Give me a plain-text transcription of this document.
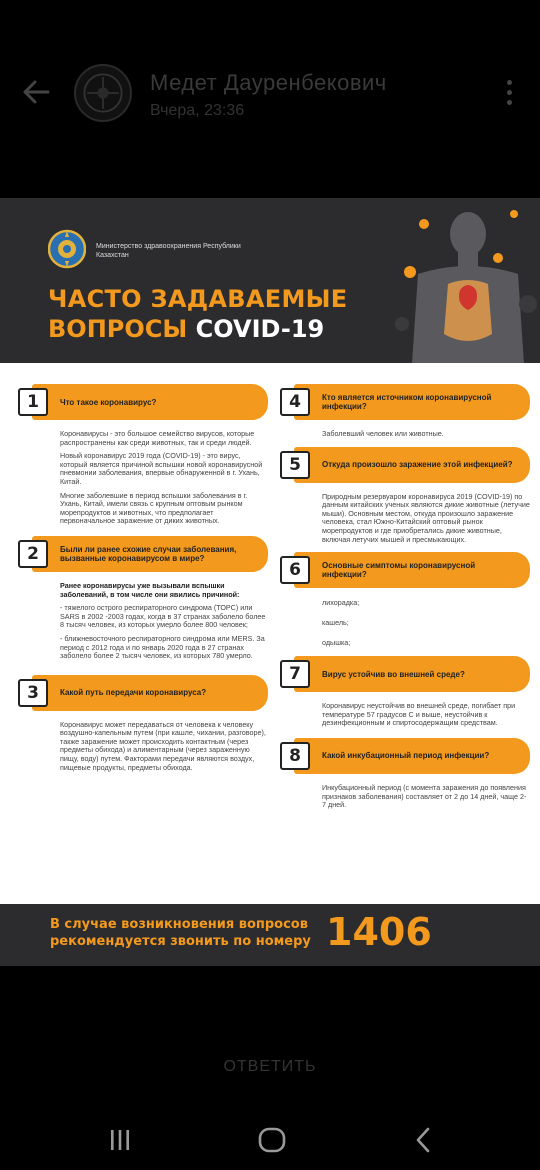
Медет Дауренбекович
Вчера, 23:36
Министерство здравоохранения Республики Казахстан
ЧАСТО ЗАДАВАЕМЫЕ
ВОПРОСЫ COVID-19
1	Что такое коронавирус?

Коронавирусы - это большое семейство вирусов, которые распространены как среди животных, так и среди людей.

Новый коронавирус 2019 года (COVID-19) - это вирус, который является причиной вспышки новой коронавирусной пневмонии заболевания, впервые обнаруженной в г. Ухань, Китай.

Многие заболевшие в период вспышки заболевания в г. Ухань, Китай, имели связь с крупным оптовым рынком морепродуктов и животных, что предполагает первоначальное заражение от диких животных.

2	Были ли ранее схожие случаи заболевания, вызванные коронавирусом в мире?

Ранее коронавирусы уже вызывали вспышки заболеваний, в том числе они явились причиной:

- тяжелого острого респираторного синдрома (ТОРС) или SARS в 2002 -2003 годах, когда в 37 странах заболело более 8 тысяч человек, из которых умерло более 800 человек;

- ближневосточного респираторного синдрома или MERS. За период с 2012 года и по январь 2020 года в 27 странах заболело более 2 тысяч человек, из которых 780 умерло.

3	Какой путь передачи коронавируса?

Коронавирус может передаваться от человека к человеку воздушно-капельным путем (при кашле, чихании, разговоре), также заражение может происходить контактным (через предметы обихода) и алиментарным (через зараженную пищу, воду) путем. Факторами передачи являются воздух, пищевые продукты, предметы обихода.

4	Кто является источником коронавирусной инфекции?

Заболевший человек или животные.

5	Откуда произошло заражение этой инфекцией?

Природным резервуаром коронавируса 2019 (COVID-19) по данным китайских ученых являются дикие животные (летучие мыши). Основным местом, откуда произошло заражение человека, стал Южно-Китайский оптовый рынок морепродуктов и где приобретались дикие животные, включая летучих мышей и пресмыкающих.

6	Основные симптомы коронавирусной инфекции?

лихорадка;

кашель;

одышка;

7	Вирус устойчив во внешней среде?

Коронавирус неустойчив во внешней среде, погибает при температуре 57 градусов С и выше, неустойчив к дезинфекционным и спиртосодержащим средствам.

8	Какой инкубационный период инфекции?

Инкубационный период (с момента заражения до появления признаков заболевания) составляет от 2 до 14 дней, чаще 2-7 дней.

В случае возникновения вопросов
рекомендуется звонить по номеру 1406
ОТВЕТИТЬ
